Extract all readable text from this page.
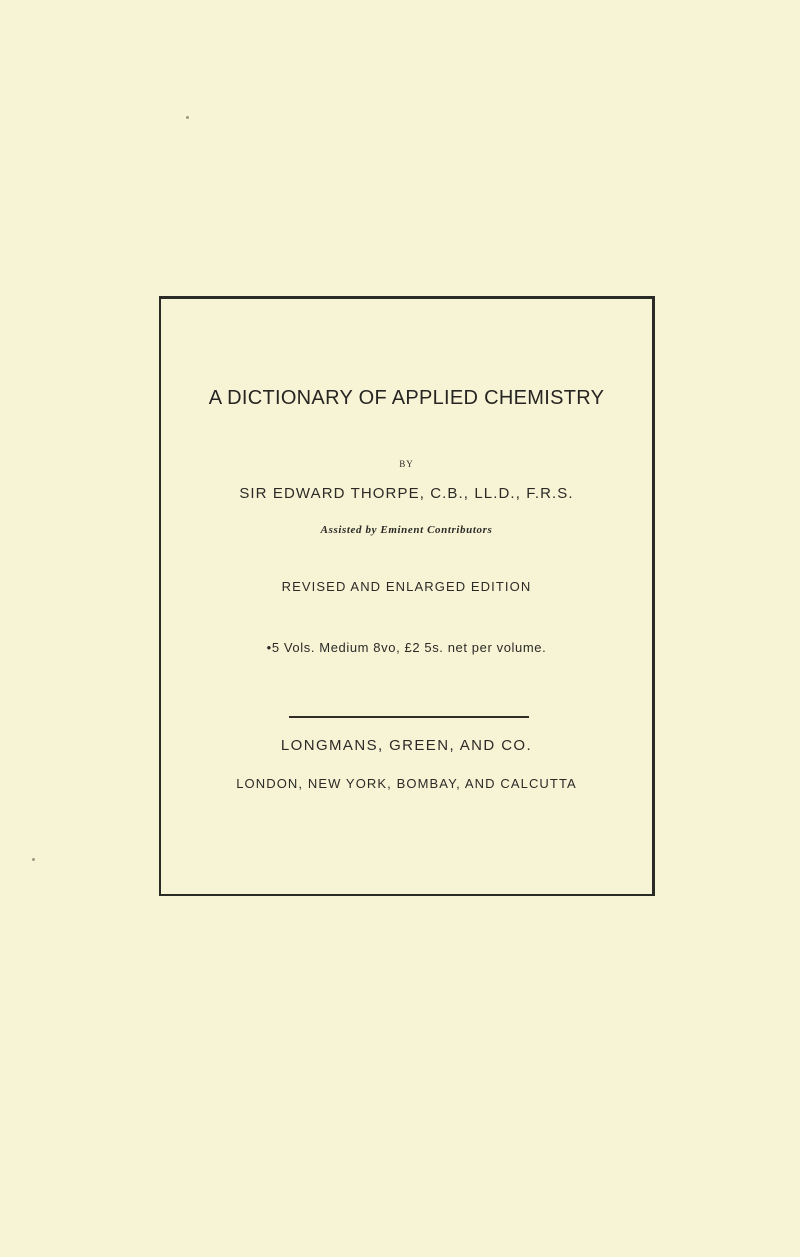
A DICTIONARY OF APPLIED CHEMISTRY
BY
SIR EDWARD THORPE, C.B., LL.D., F.R.S.
Assisted by Eminent Contributors
REVISED AND ENLARGED EDITION
•5 Vols. Medium 8vo, £2 5s. net per volume.
LONGMANS, GREEN, AND CO.
LONDON, NEW YORK, BOMBAY, AND CALCUTTA
